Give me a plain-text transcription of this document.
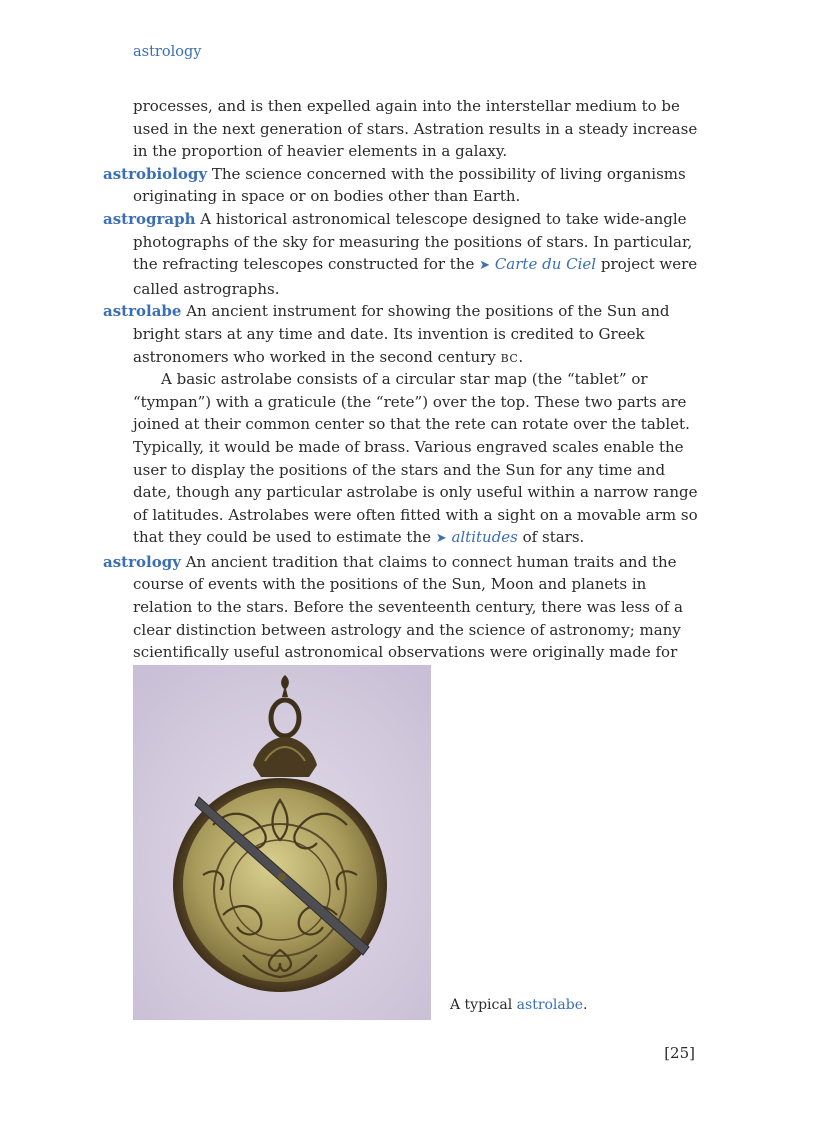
astrology

processes, and is then expelled again into the interstellar medium to be used in the next generation of stars. Astration results in a steady increase in the proportion of heavier elements in a galaxy.

astrobiology The science concerned with the possibility of living organisms originating in space or on bodies other than Earth.

astrograph A historical astronomical telescope designed to take wide-angle photographs of the sky for measuring the positions of stars. In particular, the refracting telescopes constructed for the ➤ Carte du Ciel project were called astrographs.

astrolabe An ancient instrument for showing the positions of the Sun and bright stars at any time and date. Its invention is credited to Greek astronomers who worked in the second century bc.

A basic astrolabe consists of a circular star map (the “tablet” or “tympan”) with a graticule (the “rete”) over the top. These two parts are joined at their common center so that the rete can rotate over the tablet. Typically, it would be made of brass. Various engraved scales enable the user to display the positions of the stars and the Sun for any time and date, though any particular astrolabe is only useful within a narrow range of latitudes. Astrolabes were often fitted with a sight on a movable arm so that they could be used to estimate the ➤ altitudes of stars.

astrology An ancient tradition that claims to connect human traits and the course of events with the positions of the Sun, Moon and planets in relation to the stars. Before the seventeenth century, there was less of a clear distinction between astrology and the science of astronomy; many scientifically useful astronomical observations were originally made for

A typical astrolabe.
[25]
